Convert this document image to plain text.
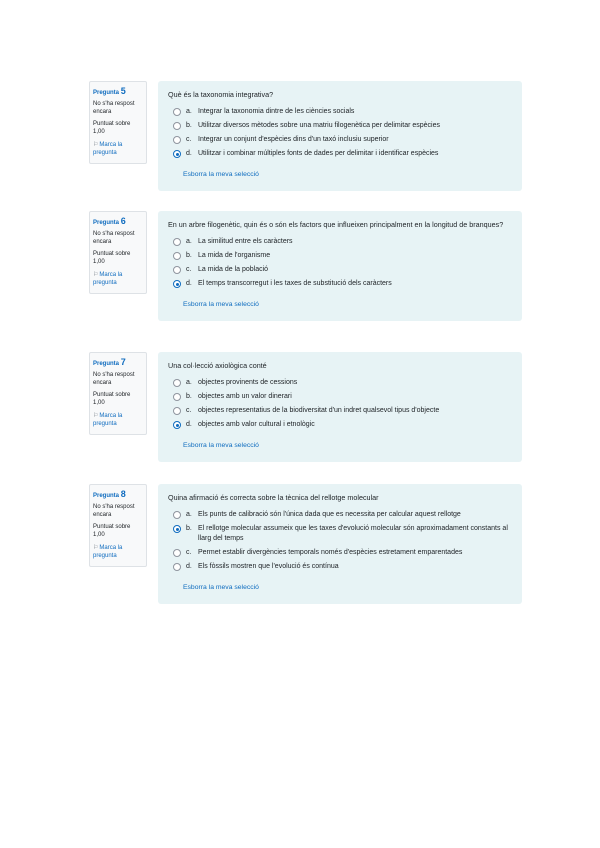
Pregunta 5
No s'ha respost encara
Puntuat sobre 1,00
⚐Marca la pregunta
Què és la taxonomia integrativa?
a. Integrar la taxonomia dintre de les ciències socials
b. Utilitzar diversos mètodes sobre una matriu filogenètica per delimitar espècies
c. Integrar un conjunt d'espècies dins d'un taxó inclusiu superior
d. Utilitzar i combinar múltiples fonts de dades per delimitar i identificar espècies
Esborra la meva selecció
Pregunta 6
No s'ha respost encara
Puntuat sobre 1,00
⚐Marca la pregunta
En un arbre filogenètic, quin és o són els factors que influeixen principalment en la longitud de branques?
a. La similitud entre els caràcters
b. La mida de l'organisme
c. La mida de la població
d. El temps transcorregut i les taxes de substitució dels caràcters
Esborra la meva selecció
Pregunta 7
No s'ha respost encara
Puntuat sobre 1,00
⚐Marca la pregunta
Una col·lecció axiològica conté
a. objectes provinents de cessions
b. objectes amb un valor dinerari
c. objectes representatius de la biodiversitat d'un indret qualsevol tipus d'objecte
d. objectes amb valor cultural i etnològic
Esborra la meva selecció
Pregunta 8
No s'ha respost encara
Puntuat sobre 1,00
⚐Marca la pregunta
Quina afirmació és correcta sobre la tècnica del rellotge molecular
a. Els punts de calibració són l'única dada que es necessita per calcular aquest rellotge
b. El rellotge molecular assumeix que les taxes d'evolució molecular són aproximadament constants al llarg del temps
c. Permet establir divergències temporals només d'espècies estretament emparentades
d. Els fòssils mostren que l'evolució és contínua
Esborra la meva selecció
